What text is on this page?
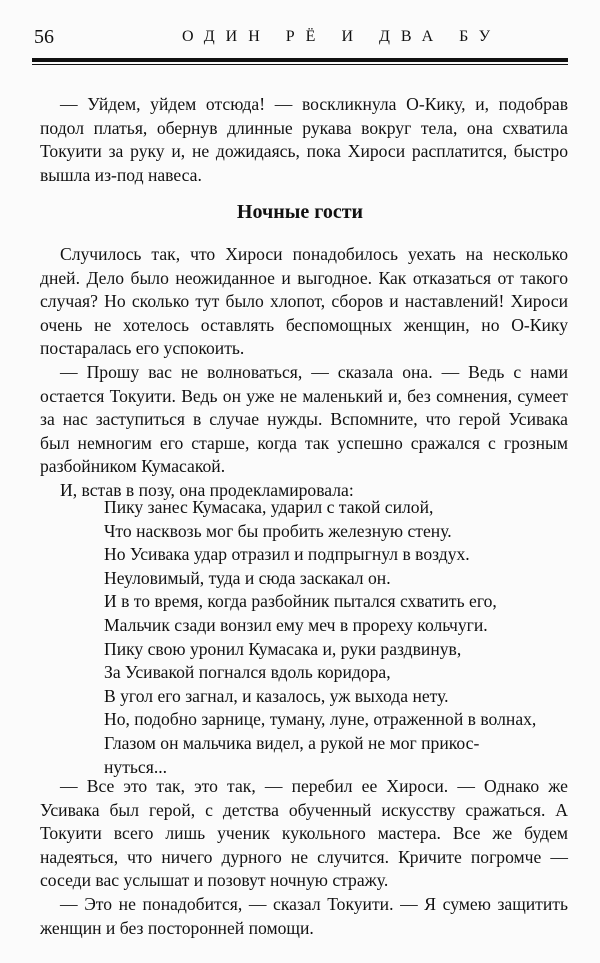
56	ОДИН РЁ И ДВА БУ

— Уйдем, уйдем отсюда! — воскликнула О-Кику, и, подобрав подол платья, обернув длинные рукава вокруг тела, она схватила Токуити за руку и, не дожидаясь, пока Хироси расплатится, быстро вышла из-под навеса.

Ночные гости

Случилось так, что Хироси понадобилось уехать на несколько дней. Дело было неожиданное и выгодное. Как отказаться от такого случая? Но сколько тут было хлопот, сборов и наставлений! Хироси очень не хотелось оставлять беспомощных женщин, но О-Кику постаралась его успокоить.

— Прошу вас не волноваться, — сказала она. — Ведь с нами остается Токуити. Ведь он уже не маленький и, без сомнения, сумеет за нас заступиться в случае нужды. Вспомните, что герой Усивака был немногим его старше, когда так успешно сражался с грозным разбойником Кумасакой.

И, встав в позу, она продекламировала:

Пику занес Кумасака, ударил с такой силой,
Что насквозь мог бы пробить железную стену.
Но Усивака удар отразил и подпрыгнул в воздух.
Неуловимый, туда и сюда заскакал он.
И в то время, когда разбойник пытался схватить его,
Мальчик сзади вонзил ему меч в прореху кольчуги.
Пику свою уронил Кумасака и, руки раздвинув,
За Усивакой погнался вдоль коридора,
В угол его загнал, и казалось, уж выхода нету.
Но, подобно зарнице, туману, луне, отраженной в волнах,
Глазом он мальчика видел, а рукой не мог прикос-
нуться...

— Все это так, это так, — перебил ее Хироси. — Однако же Усивака был герой, с детства обученный искусству сражаться. А Токуити всего лишь ученик кукольного мастера. Все же будем надеяться, что ничего дурного не случится. Кричите погромче — соседи вас услышат и позовут ночную стражу.

— Это не понадобится, — сказал Токуити. — Я сумею защитить женщин и без посторонней помощи.
